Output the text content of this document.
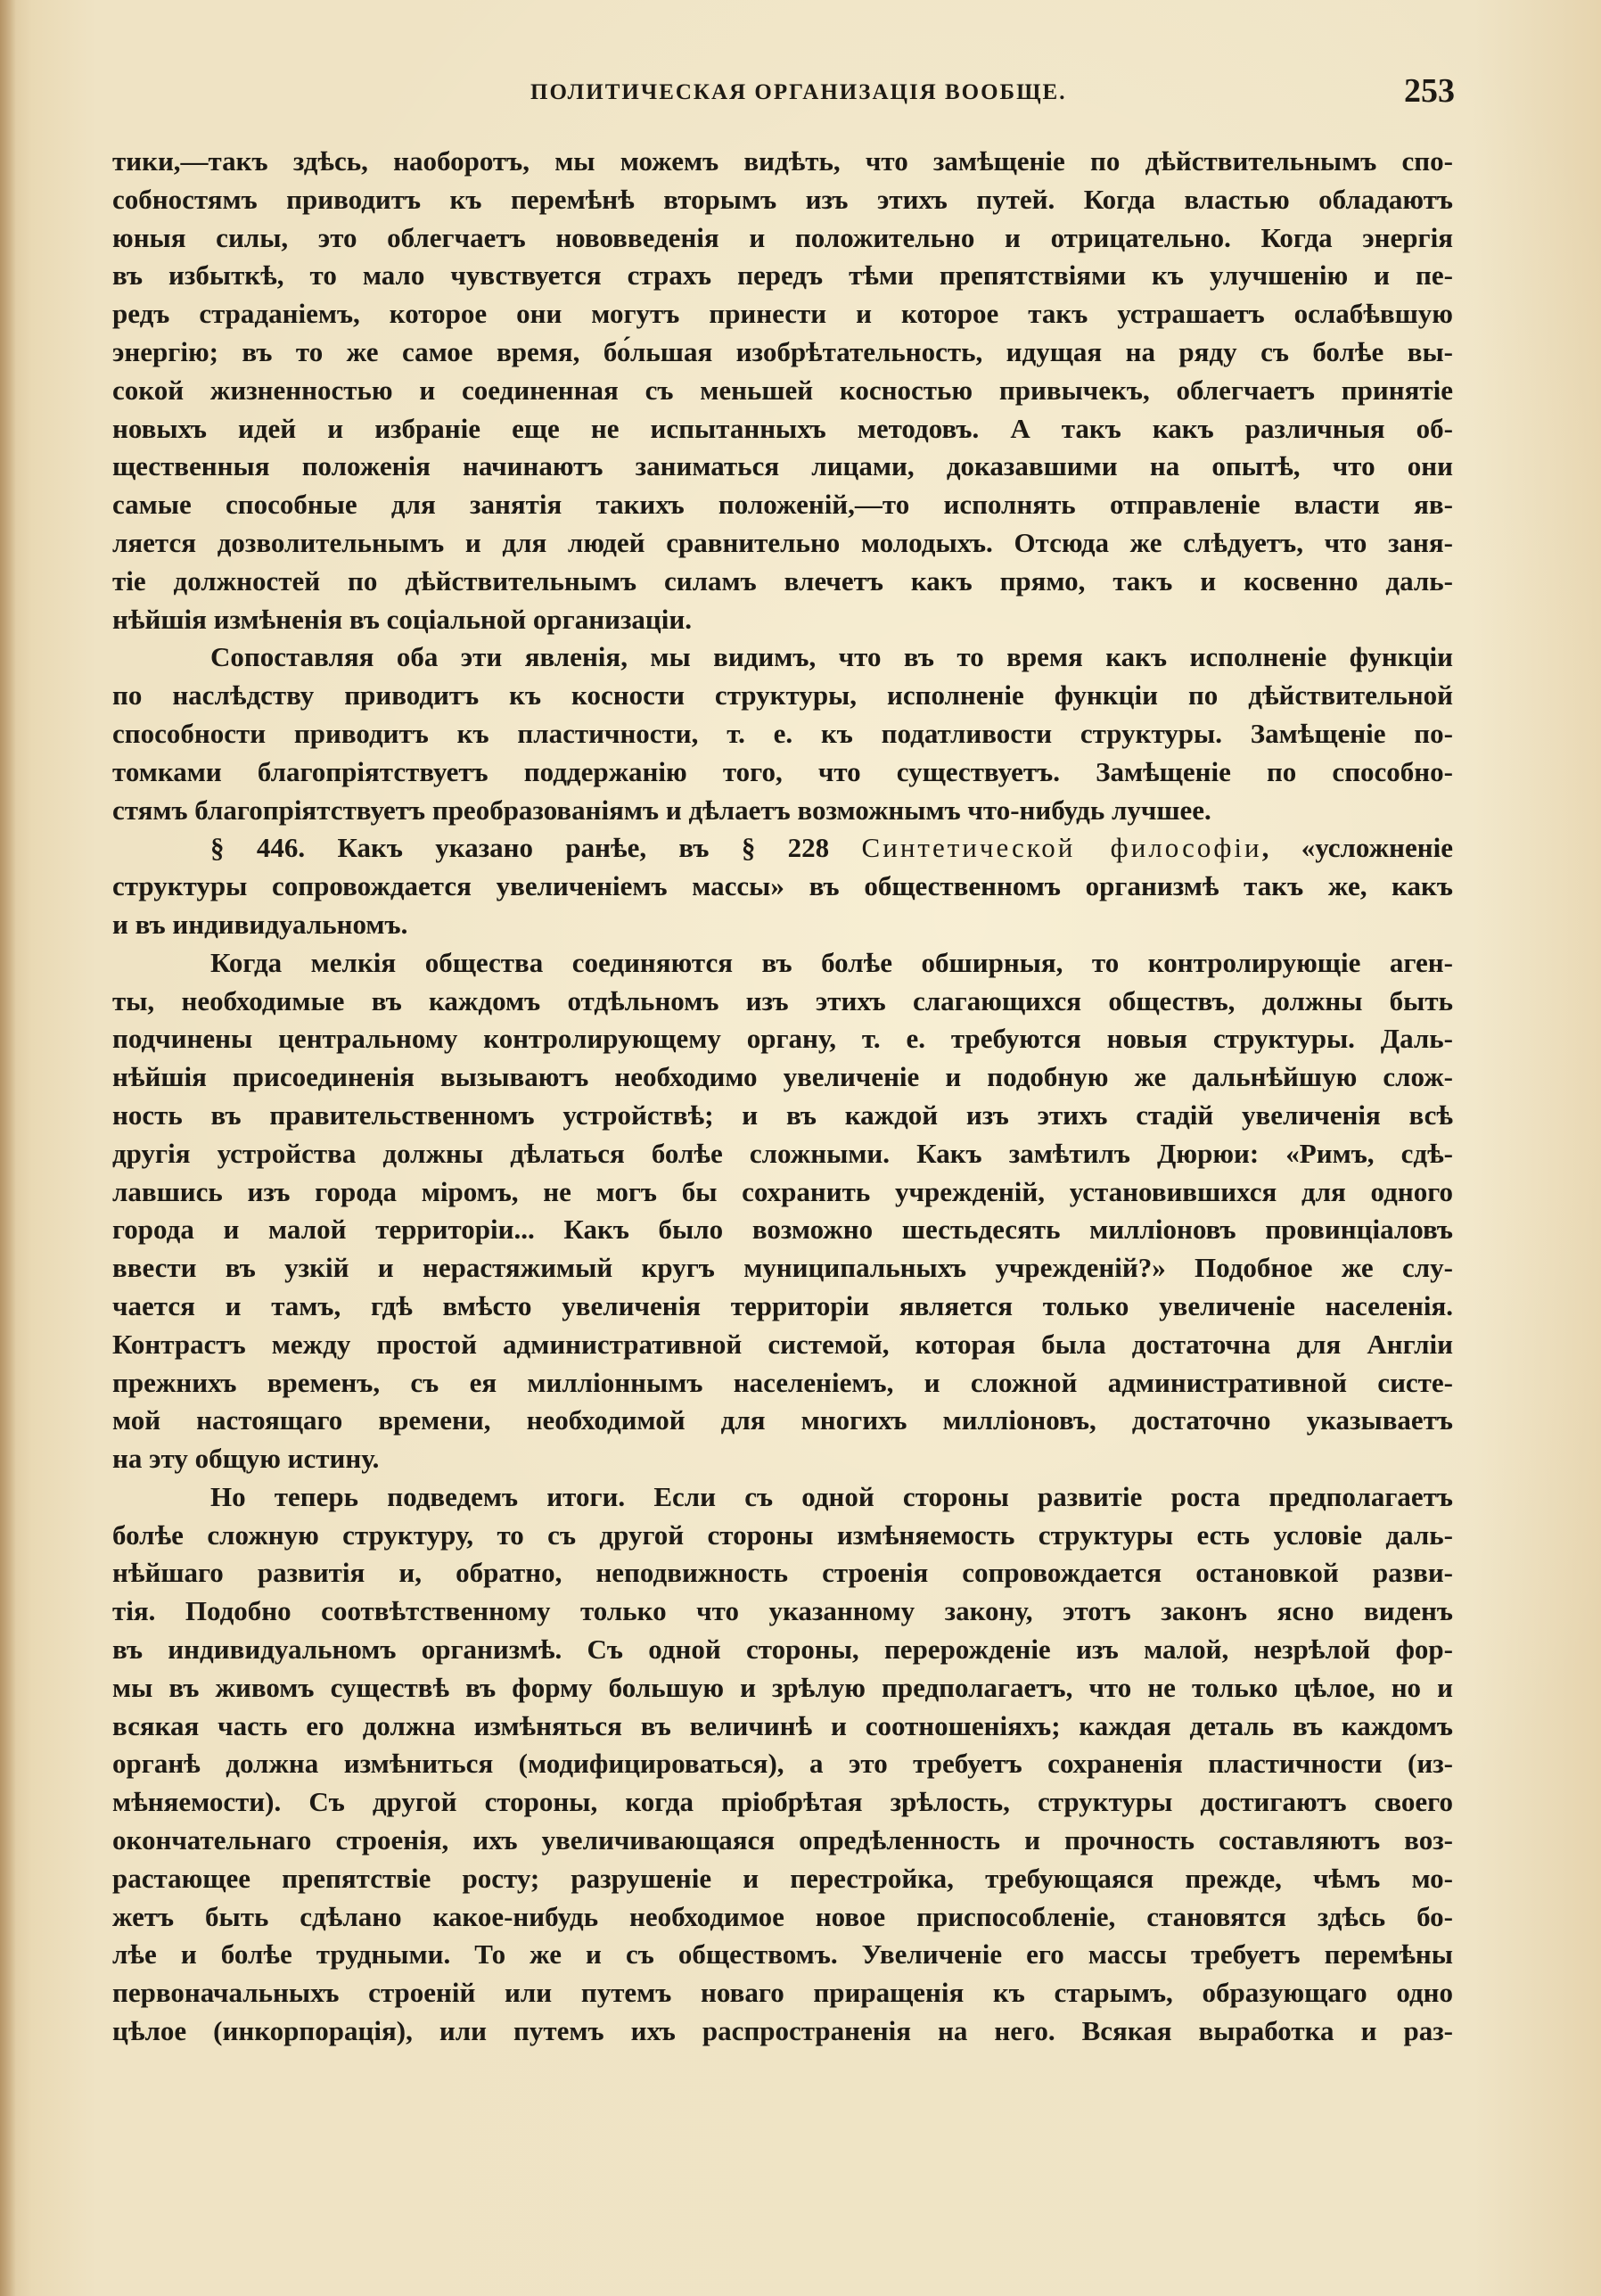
ПОЛИТИЧЕСКАЯ ОРГАНИЗАЦІЯ ВООБЩЕ.	253
тики,—такъ здѣсь, наоборотъ, мы можемъ видѣть, что замѣщеніе по дѣйствительнымъ спо-
собностямъ приводитъ къ перемѣнѣ вторымъ изъ этихъ путей. Когда властью обладаютъ
юныя силы, это облегчаетъ нововведенія и положительно и отрицательно. Когда энергія
въ избыткѣ, то мало чувствуется страхъ передъ тѣми препятствіями къ улучшенію и пе-
редъ страданіемъ, которое они могутъ принести и которое такъ устрашаетъ ослабѣвшую
энергію; въ то же самое время, бо́льшая изобрѣтательность, идущая на ряду съ болѣе вы-
сокой жизненностью и соединенная съ меньшей косностью привычекъ, облегчаетъ принятіе
новыхъ идей и избраніе еще не испытанныхъ методовъ. А такъ какъ различныя об-
щественныя положенія начинаютъ заниматься лицами, доказавшими на опытѣ, что они
самые способные для занятія такихъ положеній,—то исполнять отправленіе власти яв-
ляется дозволительнымъ и для людей сравнительно молодыхъ. Отсюда же слѣдуетъ, что заня-
тіе должностей по дѣйствительнымъ силамъ влечетъ какъ прямо, такъ и косвенно даль-
нѣйшія измѣненія въ соціальной организаціи.
Сопоставляя оба эти явленія, мы видимъ, что въ то время какъ исполненіе функціи
по наслѣдству приводитъ къ косности структуры, исполненіе функціи по дѣйствительной
способности приводитъ къ пластичности, т. е. къ податливости структуры. Замѣщеніе по-
томками благопріятствуетъ поддержанію того, что существуетъ. Замѣщеніе по способно-
стямъ благопріятствуетъ преобразованіямъ и дѣлаетъ возможнымъ что-нибудь лучшее.
§ 446. Какъ указано ранѣе, въ § 228 Синтетической философіи, «усложненіе
структуры сопровождается увеличеніемъ массы» въ общественномъ организмѣ такъ же, какъ
и въ индивидуальномъ.
Когда мелкія общества соединяются въ болѣе обширныя, то контролирующіе аген-
ты, необходимые въ каждомъ отдѣльномъ изъ этихъ слагающихся обществъ, должны быть
подчинены центральному контролирующему органу, т. е. требуются новыя структуры. Даль-
нѣйшія присоединенія вызываютъ необходимо увеличеніе и подобную же дальнѣйшую слож-
ность въ правительственномъ устройствѣ; и въ каждой изъ этихъ стадій увеличенія всѣ
другія устройства должны дѣлаться болѣе сложными. Какъ замѣтилъ Дюрюи: «Римъ, сдѣ-
лавшись изъ города міромъ, не могъ бы сохранить учрежденій, установившихся для одного
города и малой территоріи... Какъ было возможно шестьдесять милліоновъ провинціаловъ
ввести въ узкій и нерастяжимый кругъ муниципальныхъ учрежденій?» Подобное же слу-
чается и тамъ, гдѣ вмѣсто увеличенія территоріи является только увеличеніе населенія.
Контрастъ между простой административной системой, которая была достаточна для Англіи
прежнихъ временъ, съ ея милліоннымъ населеніемъ, и сложной административной систе-
мой настоящаго времени, необходимой для многихъ милліоновъ, достаточно указываетъ
на эту общую истину.
Но теперь подведемъ итоги. Если съ одной стороны развитіе роста предполагаетъ
болѣе сложную структуру, то съ другой стороны измѣняемость структуры есть условіе даль-
нѣйшаго развитія и, обратно, неподвижность строенія сопровождается остановкой разви-
тія. Подобно соотвѣтственному только что указанному закону, этотъ законъ ясно виденъ
въ индивидуальномъ организмѣ. Съ одной стороны, перерожденіе изъ малой, незрѣлой фор-
мы въ живомъ существѣ въ форму большую и зрѣлую предполагаетъ, что не только цѣлое, но и
всякая часть его должна измѣняться въ величинѣ и соотношеніяхъ; каждая деталь въ каждомъ
органѣ должна измѣниться (модифицироваться), а это требуетъ сохраненія пластичности (из-
мѣняемости). Съ другой стороны, когда пріобрѣтая зрѣлость, структуры достигаютъ своего
окончательнаго строенія, ихъ увеличивающаяся опредѣленность и прочность составляютъ воз-
растающее препятствіе росту; разрушеніе и перестройка, требующаяся прежде, чѣмъ мо-
жетъ быть сдѣлано какое-нибудь необходимое новое приспособленіе, становятся здѣсь бо-
лѣе и болѣе трудными. То же и съ обществомъ. Увеличеніе его массы требуетъ перемѣны
первоначальныхъ строеній или путемъ новаго приращенія къ старымъ, образующаго одно
цѣлое (инкорпорація), или путемъ ихъ распространенія на него. Всякая выработка и раз-
